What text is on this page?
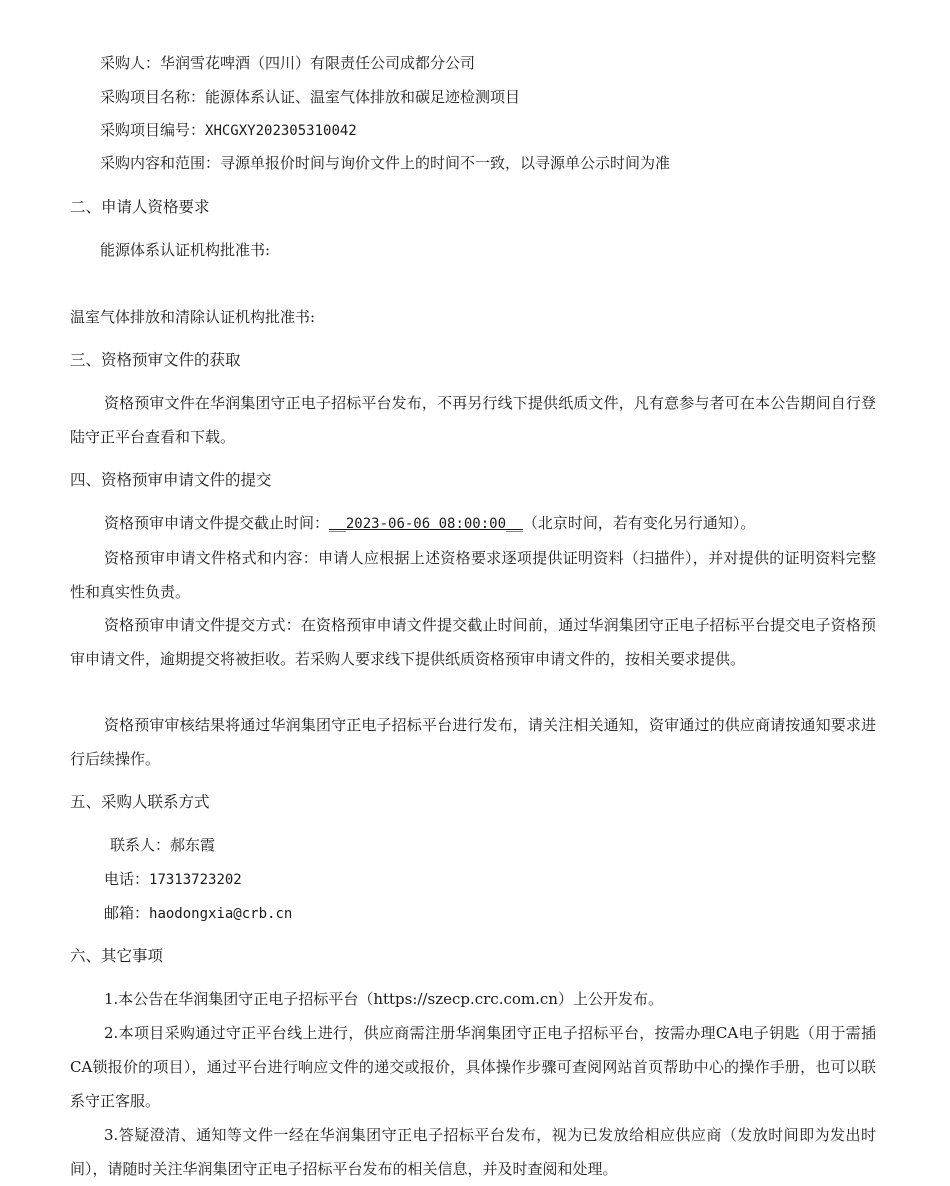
采购人：华润雪花啤酒（四川）有限责任公司成都分公司
采购项目名称：能源体系认证、温室气体排放和碳足迹检测项目
采购项目编号：XHCGXY202305310042
采购内容和范围：寻源单报价时间与询价文件上的时间不一致，以寻源单公示时间为准
二、申请人资格要求
能源体系认证机构批准书:
温室气体排放和清除认证机构批准书:
三、资格预审文件的获取
资格预审文件在华润集团守正电子招标平台发布，不再另行线下提供纸质文件，凡有意参与者可在本公告期间自行登陆守正平台查看和下载。
四、资格预审申请文件的提交
资格预审申请文件提交截止时间：__2023-06-06 08:00:00__（北京时间，若有变化另行通知）。
资格预审申请文件格式和内容：申请人应根据上述资格要求逐项提供证明资料（扫描件），并对提供的证明资料完整性和真实性负责。
资格预审申请文件提交方式：在资格预审申请文件提交截止时间前，通过华润集团守正电子招标平台提交电子资格预审申请文件，逾期提交将被拒收。若采购人要求线下提供纸质资格预审申请文件的，按相关要求提供。
资格预审审核结果将通过华润集团守正电子招标平台进行发布，请关注相关通知，资审通过的供应商请按通知要求进行后续操作。
五、采购人联系方式
联系人：郝东霞
电话：17313723202
邮箱：haodongxia@crb.cn
六、其它事项
1.本公告在华润集团守正电子招标平台（https://szecp.crc.com.cn）上公开发布。
2.本项目采购通过守正平台线上进行，供应商需注册华润集团守正电子招标平台，按需办理CA电子钥匙（用于需插CA锁报价的项目），通过平台进行响应文件的递交或报价，具体操作步骤可查阅网站首页帮助中心的操作手册，也可以联系守正客服。
3.答疑澄清、通知等文件一经在华润集团守正电子招标平台发布，视为已发放给相应供应商（发放时间即为发出时间），请随时关注华润集团守正电子招标平台发布的相关信息，并及时查阅和处理。
